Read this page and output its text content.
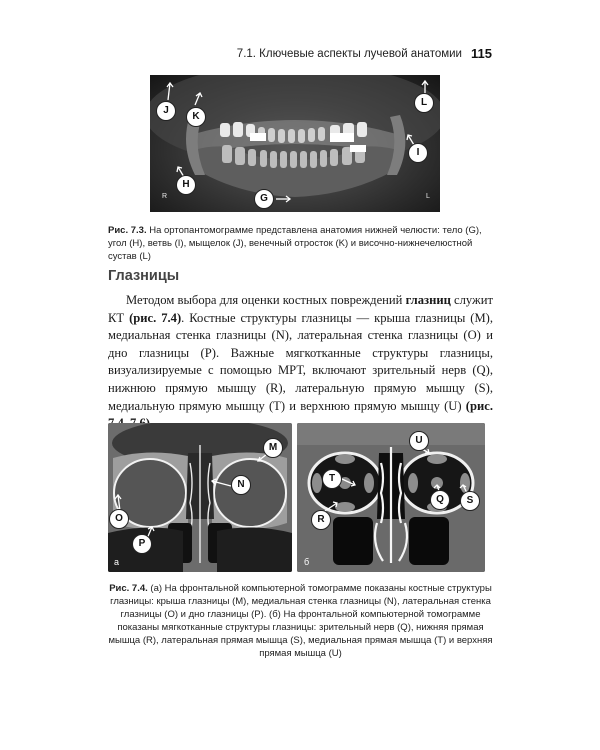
7.1. Ключевые аспекты лучевой анатомии 115
J
K
L
I
H
G
R	L
Рис. 7.3. На ортопантомограмме представлена анатомия нижней челюсти: тело (G), угол (H), ветвь (I), мыщелок (J), венечный отросток (K) и височно-нижнечелюстной сустав (L)
Глазницы

Методом выбора для оценки костных повреждений глазниц служит КТ (рис. 7.4). Костные структуры глазницы — крыша глазницы (M), медиальная стенка глазницы (N), латеральная стенка глазницы (O) и дно глазницы (P). Важные мягкотканные структуры глазницы, визуализируемые с помощью МРТ, включают зрительный нерв (Q), нижнюю прямую мышцу (R), латеральную прямую мышцу (S), медиальную прямую мышцу (T) и верхнюю прямую мышцу (U) (рис.

M
N
O
P
а
U
T
Q	S
R
б
Рис. 7.4. (а) На фронтальной компьютерной томограмме показаны костные структуры глазницы: крыша глазницы (M), медиальная стенка глазницы (N), латеральная стенка глазницы (O) и дно глазницы (P). (б) На фронтальной компьютерной томограмме показаны мягкотканные структуры глазницы: зрительный нерв (Q), нижняя прямая мышца (R), латеральная прямая мышца (S), медиальная прямая мышца (T) и верхняя прямая мышца (U)
